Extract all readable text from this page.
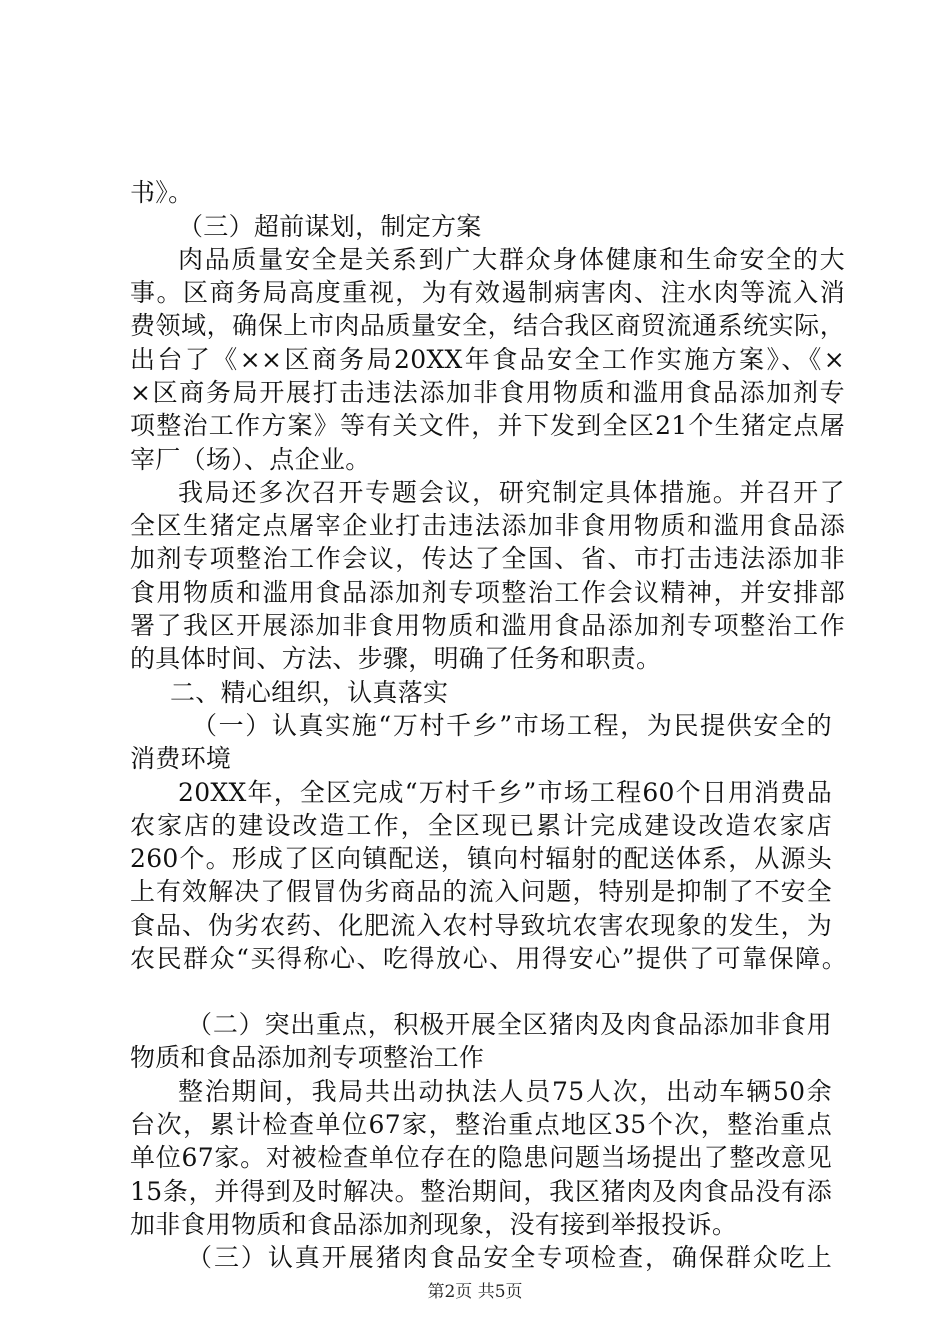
书》。
（三）超前谋划，制定方案
肉品质量安全是关系到广大群众身体健康和生命安全的大
事。区商务局高度重视，为有效遏制病害肉、注水肉等流入消
费领域，确保上市肉品质量安全，结合我区商贸流通系统实际，
出台了《××区商务局20XX年食品安全工作实施方案》、《×
×区商务局开展打击违法添加非食用物质和滥用食品添加剂专
项整治工作方案》等有关文件，并下发到全区21个生猪定点屠
宰厂（场）、点企业。
我局还多次召开专题会议，研究制定具体措施。并召开了
全区生猪定点屠宰企业打击违法添加非食用物质和滥用食品添
加剂专项整治工作会议，传达了全国、省、市打击违法添加非
食用物质和滥用食品添加剂专项整治工作会议精神，并安排部
署了我区开展添加非食用物质和滥用食品添加剂专项整治工作
的具体时间、方法、步骤，明确了任务和职责。
二、精心组织，认真落实
（一）认真实施“万村千乡”市场工程，为民提供安全的
消费环境
20XX年，全区完成“万村千乡”市场工程60个日用消费品
农家店的建设改造工作，全区现已累计完成建设改造农家店
260个。形成了区向镇配送，镇向村辐射的配送体系，从源头
上有效解决了假冒伪劣商品的流入问题，特别是抑制了不安全
食品、伪劣农药、化肥流入农村导致坑农害农现象的发生，为
农民群众“买得称心、吃得放心、用得安心”提供了可靠保障。
（二）突出重点，积极开展全区猪肉及肉食品添加非食用
物质和食品添加剂专项整治工作
整治期间，我局共出动执法人员75人次，出动车辆50余
台次，累计检查单位67家，整治重点地区35个次，整治重点
单位67家。对被检查单位存在的隐患问题当场提出了整改意见
15条，并得到及时解决。整治期间，我区猪肉及肉食品没有添
加非食用物质和食品添加剂现象，没有接到举报投诉。
第2页 共5页
（三）认真开展猪肉食品安全专项检查，确保群众吃上
